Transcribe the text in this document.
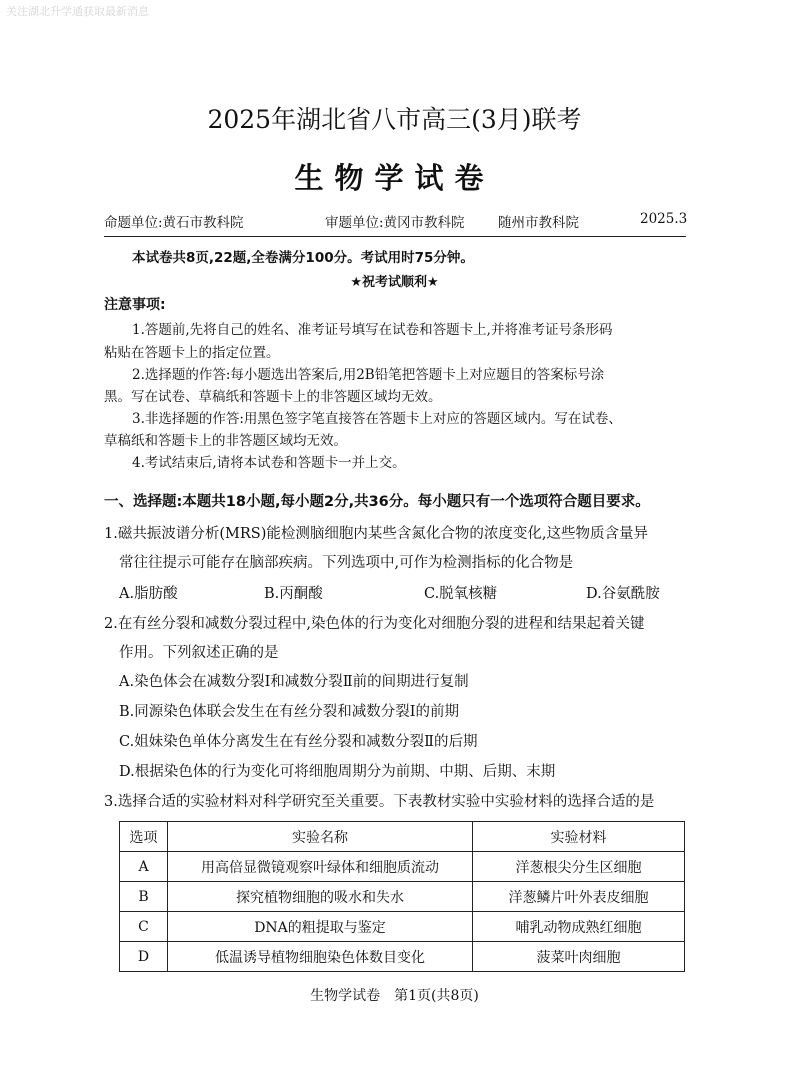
关注湖北升学通获取最新消息
2025年湖北省八市高三(3月)联考
生物学试卷
命题单位:黄石市教科院	审题单位:黄冈市教科院 随州市教科院	2025.3
本试卷共8页,22题,全卷满分100分。考试用时75分钟。
★祝考试顺利★
注意事项:
1.答题前,先将自己的姓名、准考证号填写在试卷和答题卡上,并将准考证号条形码
粘贴在答题卡上的指定位置。
2.选择题的作答:每小题选出答案后,用2B铅笔把答题卡上对应题目的答案标号涂
黑。写在试卷、草稿纸和答题卡上的非答题区域均无效。
3.非选择题的作答:用黑色签字笔直接答在答题卡上对应的答题区域内。写在试卷、
草稿纸和答题卡上的非答题区域均无效。
4.考试结束后,请将本试卷和答题卡一并上交。
一、选择题:本题共18小题,每小题2分,共36分。每小题只有一个选项符合题目要求。
1.磁共振波谱分析(MRS)能检测脑细胞内某些含氮化合物的浓度变化,这些物质含量异
常往往提示可能存在脑部疾病。下列选项中,可作为检测指标的化合物是
A.脂肪酸	B.丙酮酸	C.脱氧核糖	D.谷氨酰胺
2.在有丝分裂和减数分裂过程中,染色体的行为变化对细胞分裂的进程和结果起着关键
作用。下列叙述正确的是
A.染色体会在减数分裂Ⅰ和减数分裂Ⅱ前的间期进行复制
B.同源染色体联会发生在有丝分裂和减数分裂Ⅰ的前期
C.姐妹染色单体分离发生在有丝分裂和减数分裂Ⅱ的后期
D.根据染色体的行为变化可将细胞周期分为前期、中期、后期、末期
3.选择合适的实验材料对科学研究至关重要。下表教材实验中实验材料的选择合适的是
选项	实验名称	实验材料
A	用高倍显微镜观察叶绿体和细胞质流动	洋葱根尖分生区细胞
B	探究植物细胞的吸水和失水	洋葱鳞片叶外表皮细胞
C	DNA的粗提取与鉴定	哺乳动物成熟红细胞
D	低温诱导植物细胞染色体数目变化	菠菜叶肉细胞
生物学试卷　第1页(共8页)
